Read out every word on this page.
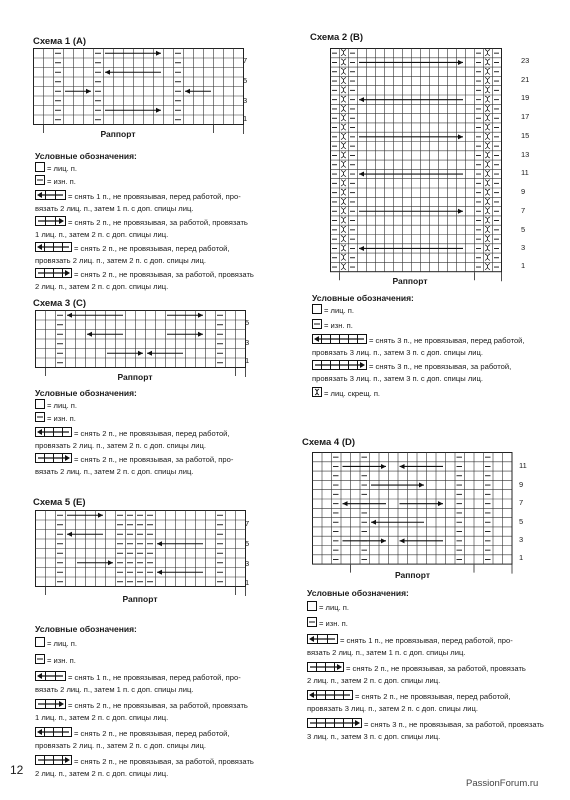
Схема 1 (A)
7
5
3
1
Раппорт
Условные обозначения:
= лиц. п.
= изн. п.
= снять 1 п., не провязывая, перед работой, про-
вязать 2 лиц. п., затем 1 п. с доп. спицы лиц.
= снять 2 п., не провязывая, за работой, провязать
1 лиц. п., затем 2 п. с доп. спицы лиц.
= снять 2 п., не провязывая, перед работой,
провязать 2 лиц. п., затем 2 п. с доп. спицы лиц.
= снять 2 п., не провязывая, за работой, провязать
2 лиц. п., затем 2 п. с доп. спицы лиц.
Схема 3 (C)
5
3
1
Раппорт
Условные обозначения:
= лиц. п.
= изн. п.
= снять 2 п., не провязывая, перед работой,
провязать 2 лиц. п., затем 2 п. с доп. спицы лиц.
= снять 2 п., не провязывая, за работой, про-
вязать 2 лиц. п., затем 2 п. с доп. спицы лиц.
Схема 5 (E)
7
5
3
1
Раппорт
Условные обозначения:
= лиц. п.
= изн. п.
= снять 1 п., не провязывая, перед работой, про-
вязать 2 лиц. п., затем 1 п. с доп. спицы лиц.
= снять 2 п., не провязывая, за работой, провязать
1 лиц. п., затем 2 п. с доп. спицы лиц.
= снять 2 п., не провязывая, перед работой,
провязать 2 лиц. п., затем 2 п. с доп. спицы лиц.
= снять 2 п., не провязывая, за работой, провязать
2 лиц. п., затем 2 п. с доп. спицы лиц.
Схема 2 (B)
23
21
19
17
15
13
11
9
7
5
3
1
Раппорт
Условные обозначения:
= лиц. п.
= изн. п.
= снять 3 п., не провязывая, перед работой,
провязать 3 лиц. п., затем 3 п. с доп. спицы лиц.
= снять 3 п., не провязывая, за работой,
провязать 3 лиц. п., затем 3 п. с доп. спицы лиц.
= лиц. скрещ. п.
Схема 4 (D)
11
9
7
5
3
1
Раппорт
Условные обозначения:
= лиц. п.
= изн. п.
= снять 1 п., не провязывая, перед работой, про-
вязать 2 лиц. п., затем 1 п. с доп. спицы лиц.
= снять 2 п., не провязывая, за работой, провязать
2 лиц. п., затем 2 п. с доп. спицы лиц.
= снять 2 п., не провязывая, перед работой,
провязать 3 лиц. п., затем 2 п. с доп. спицы лиц.
= снять 3 п., не провязывая, за работой, провязать
3 лиц. п., затем 3 п. с доп. спицы лиц.
12
PassionForum.ru
